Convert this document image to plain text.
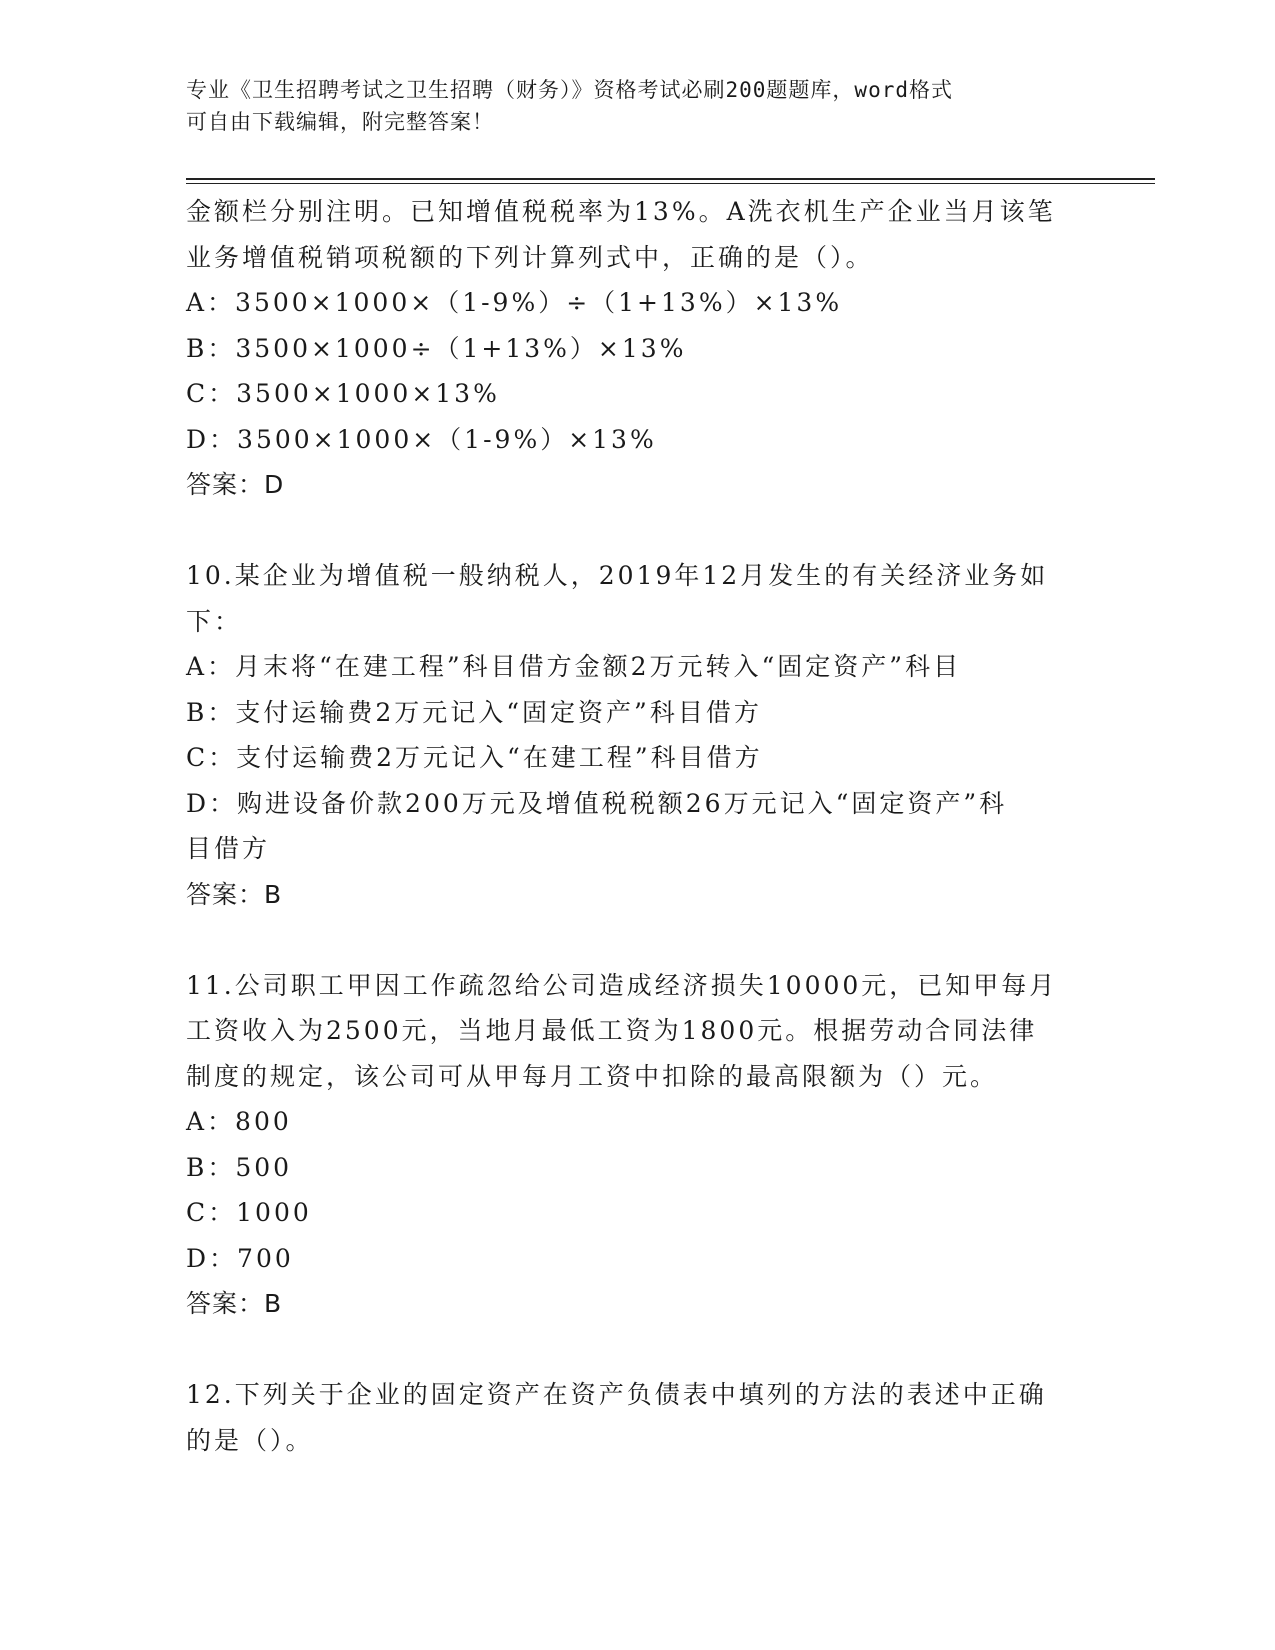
专业《卫生招聘考试之卫生招聘（财务）》资格考试必刷200题题库，word格式
可自由下载编辑，附完整答案！
金额栏分别注明。已知增值税税率为13%。A洗衣机生产企业当月该笔
业务增值税销项税额的下列计算列式中，正确的是（）。
A：3500×1000×（1-9%）÷（1+13%）×13%
B：3500×1000÷（1+13%）×13%
C：3500×1000×13%
D：3500×1000×（1-9%）×13%
答案：D
10.某企业为增值税一般纳税人，2019年12月发生的有关经济业务如
下：
A：月末将“在建工程”科目借方金额2万元转入“固定资产”科目
B：支付运输费2万元记入“固定资产”科目借方
C：支付运输费2万元记入“在建工程”科目借方
D：购进设备价款200万元及增值税税额26万元记入“固定资产”科
目借方
答案：B
11.公司职工甲因工作疏忽给公司造成经济损失10000元，已知甲每月
工资收入为2500元，当地月最低工资为1800元。根据劳动合同法律
制度的规定，该公司可从甲每月工资中扣除的最高限额为（）元。
A：800
B：500
C：1000
D：700
答案：B
12.下列关于企业的固定资产在资产负债表中填列的方法的表述中正确
的是（）。
